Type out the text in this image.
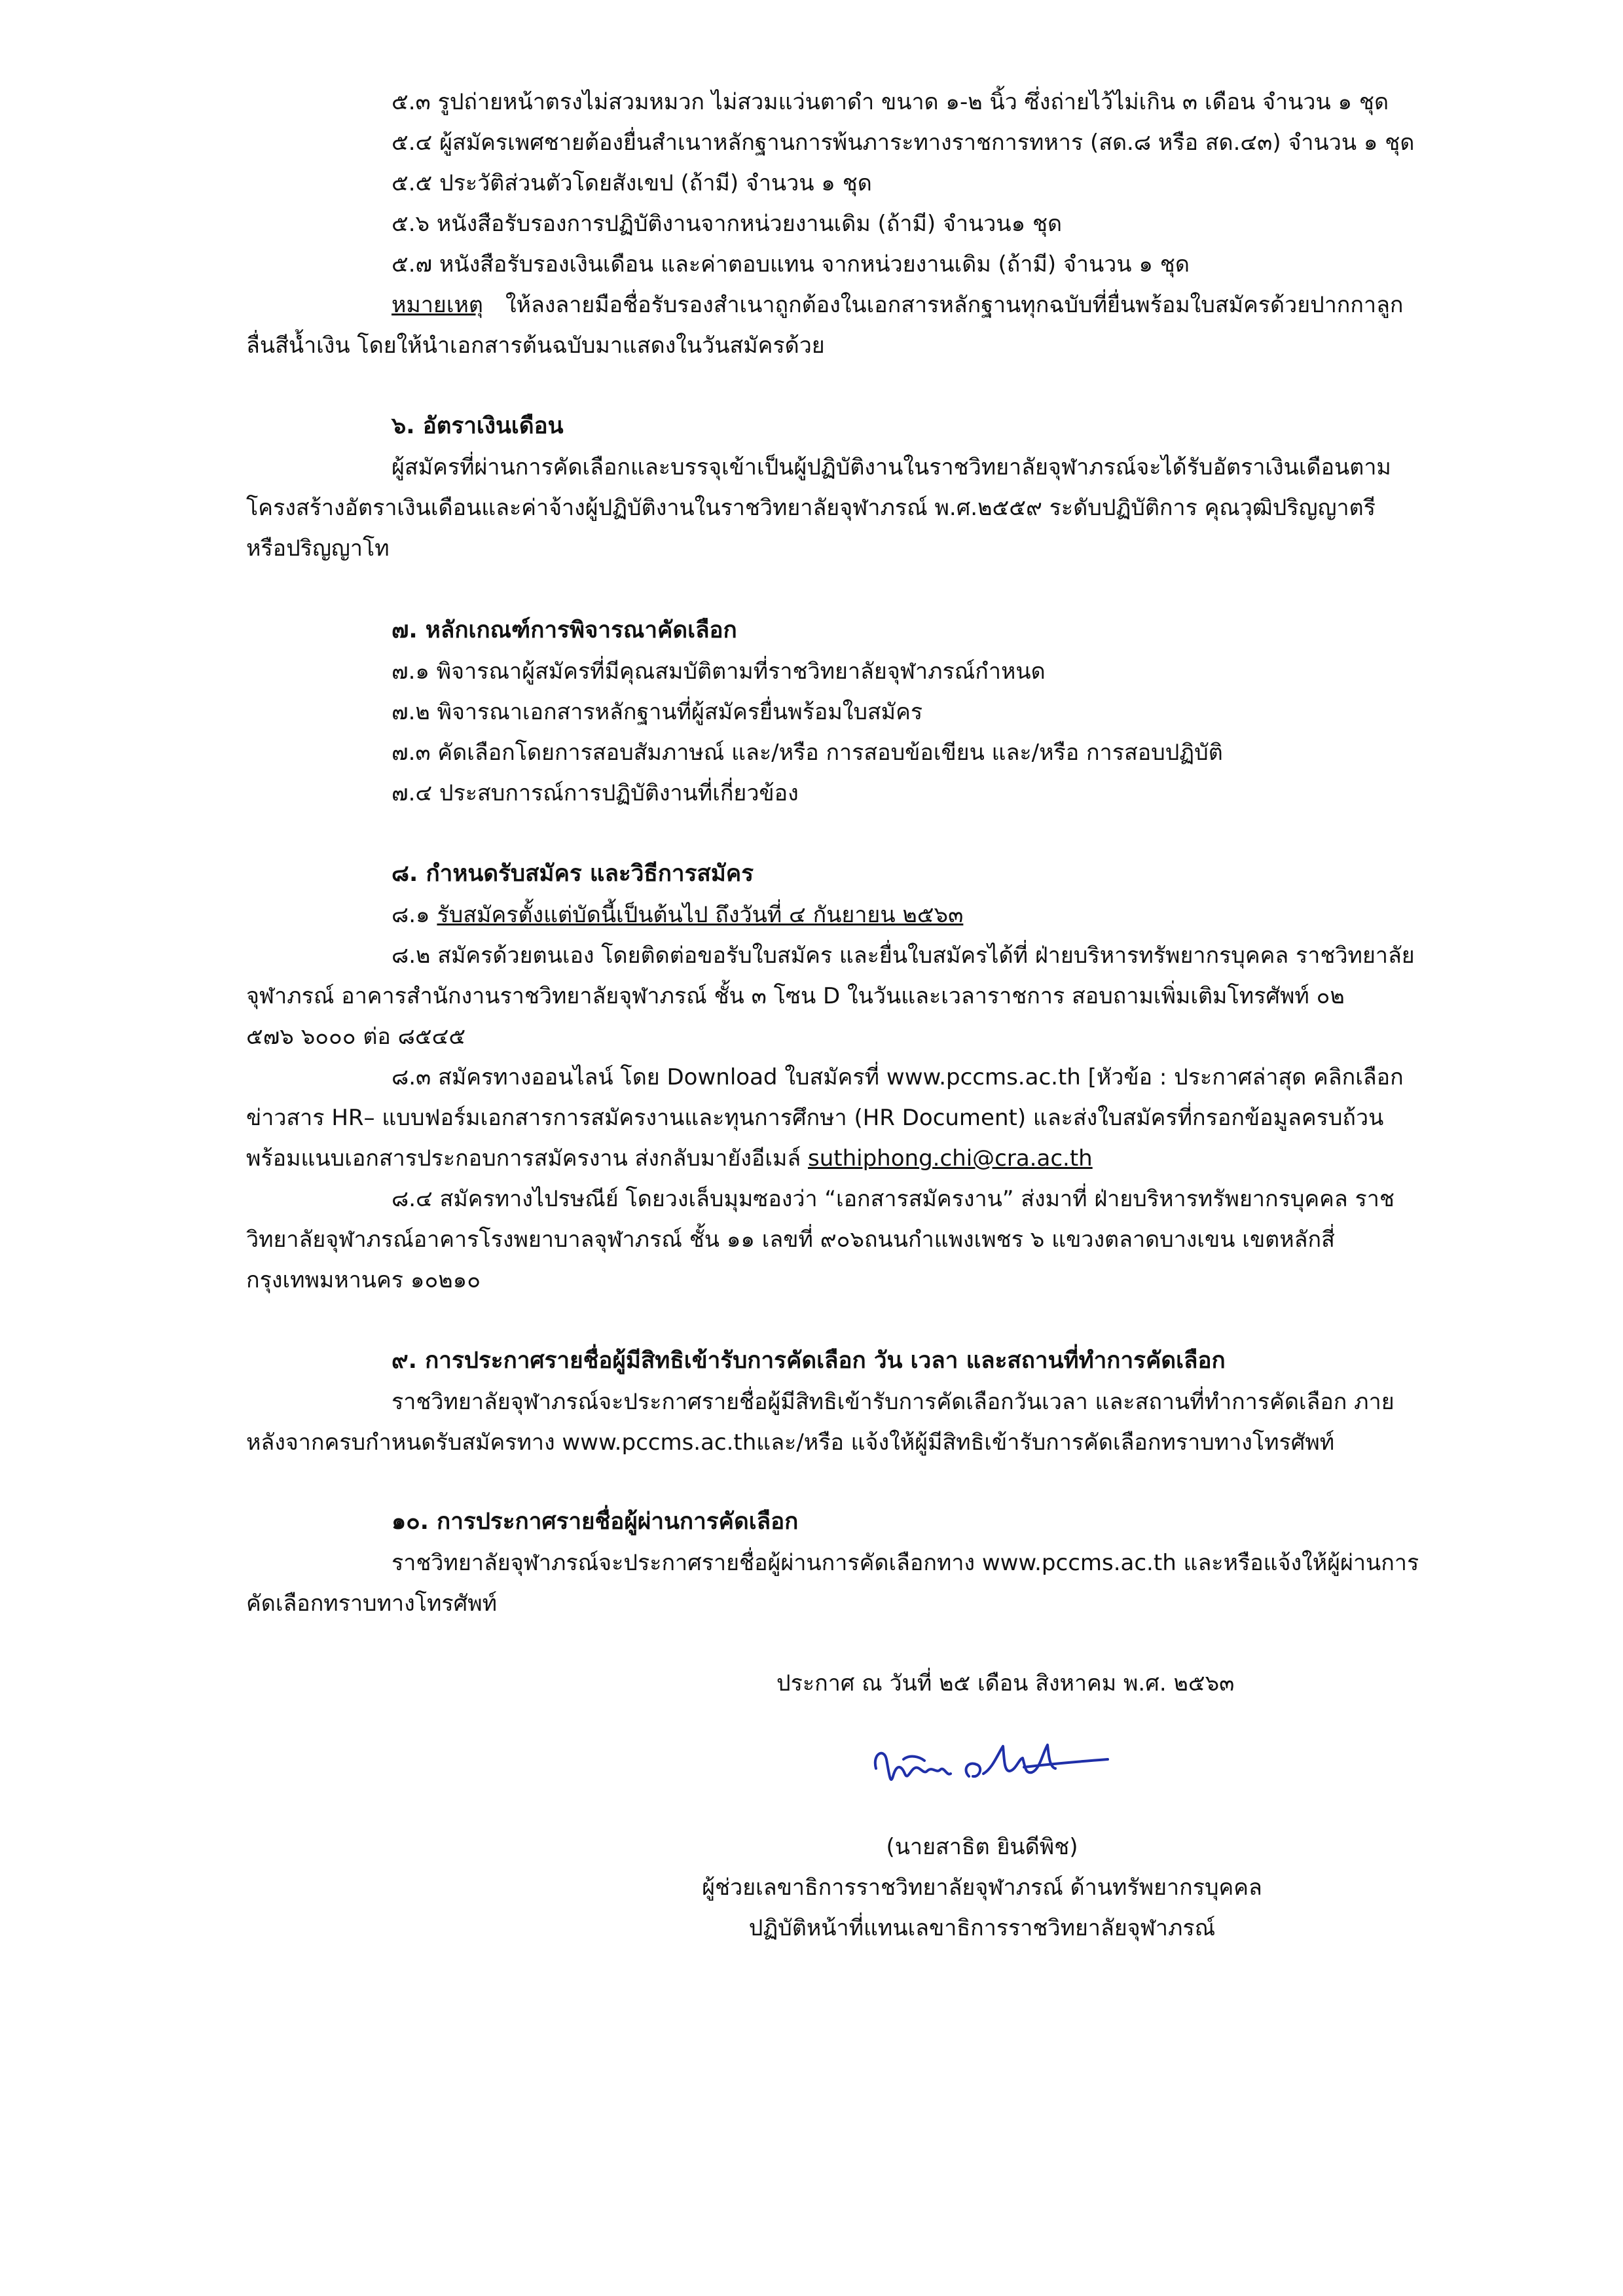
๕.๓ รูปถ่ายหน้าตรงไม่สวมหมวก ไม่สวมแว่นตาดำ ขนาด ๑-๒ นิ้ว ซึ่งถ่ายไว้ไม่เกิน ๓ เดือน จำนวน ๑ ชุด
๕.๔ ผู้สมัครเพศชายต้องยื่นสำเนาหลักฐานการพ้นภาระทางราชการทหาร (สด.๘ หรือ สด.๔๓) จำนวน ๑ ชุด
๕.๕ ประวัติส่วนตัวโดยสังเขป (ถ้ามี) จำนวน ๑ ชุด
๕.๖ หนังสือรับรองการปฏิบัติงานจากหน่วยงานเดิม (ถ้ามี) จำนวน๑ ชุด
๕.๗ หนังสือรับรองเงินเดือน และค่าตอบแทน จากหน่วยงานเดิม (ถ้ามี) จำนวน ๑ ชุด
หมายเหตุ ให้ลงลายมือชื่อรับรองสำเนาถูกต้องในเอกสารหลักฐานทุกฉบับที่ยื่นพร้อมใบสมัครด้วยปากกาลูก
ลื่นสีน้ำเงิน โดยให้นำเอกสารต้นฉบับมาแสดงในวันสมัครด้วย
๖. อัตราเงินเดือน
ผู้สมัครที่ผ่านการคัดเลือกและบรรจุเข้าเป็นผู้ปฏิบัติงานในราชวิทยาลัยจุฬาภรณ์จะได้รับอัตราเงินเดือนตาม
โครงสร้างอัตราเงินเดือนและค่าจ้างผู้ปฏิบัติงานในราชวิทยาลัยจุฬาภรณ์ พ.ศ.๒๕๕๙ ระดับปฏิบัติการ คุณวุฒิปริญญาตรี
หรือปริญญาโท
๗. หลักเกณฑ์การพิจารณาคัดเลือก
๗.๑ พิจารณาผู้สมัครที่มีคุณสมบัติตามที่ราชวิทยาลัยจุฬาภรณ์กำหนด
๗.๒ พิจารณาเอกสารหลักฐานที่ผู้สมัครยื่นพร้อมใบสมัคร
๗.๓ คัดเลือกโดยการสอบสัมภาษณ์ และ/หรือ การสอบข้อเขียน และ/หรือ การสอบปฏิบัติ
๗.๔ ประสบการณ์การปฏิบัติงานที่เกี่ยวข้อง
๘. กำหนดรับสมัคร และวิธีการสมัคร
๘.๑ รับสมัครตั้งแต่บัดนี้เป็นต้นไป ถึงวันที่ ๔ กันยายน ๒๕๖๓
๘.๒ สมัครด้วยตนเอง โดยติดต่อขอรับใบสมัคร และยื่นใบสมัครได้ที่ ฝ่ายบริหารทรัพยากรบุคคล ราชวิทยาลัย
จุฬาภรณ์ อาคารสำนักงานราชวิทยาลัยจุฬาภรณ์ ชั้น ๓ โซน D ในวันและเวลาราชการ สอบถามเพิ่มเติมโทรศัพท์ ๐๒
๕๗๖ ๖๐๐๐ ต่อ ๘๕๔๕
๘.๓ สมัครทางออนไลน์ โดย Download ใบสมัครที่ www.pccms.ac.th [หัวข้อ : ประกาศล่าสุด คลิกเลือก
ข่าวสาร HR– แบบฟอร์มเอกสารการสมัครงานและทุนการศึกษา (HR Document) และส่งใบสมัครที่กรอกข้อมูลครบถ้วน
พร้อมแนบเอกสารประกอบการสมัครงาน ส่งกลับมายังอีเมล์ suthiphong.chi@cra.ac.th
๘.๔ สมัครทางไปรษณีย์ โดยวงเล็บมุมซองว่า “เอกสารสมัครงาน” ส่งมาที่ ฝ่ายบริหารทรัพยากรบุคคล ราช
วิทยาลัยจุฬาภรณ์อาคารโรงพยาบาลจุฬาภรณ์ ชั้น ๑๑ เลขที่ ๙๐๖ถนนกำแพงเพชร ๖ แขวงตลาดบางเขน เขตหลักสี่
กรุงเทพมหานคร ๑๐๒๑๐
๙. การประกาศรายชื่อผู้มีสิทธิเข้ารับการคัดเลือก วัน เวลา และสถานที่ทำการคัดเลือก
ราชวิทยาลัยจุฬาภรณ์จะประกาศรายชื่อผู้มีสิทธิเข้ารับการคัดเลือกวันเวลา และสถานที่ทำการคัดเลือก ภาย
หลังจากครบกำหนดรับสมัครทาง www.pccms.ac.thและ/หรือ แจ้งให้ผู้มีสิทธิเข้ารับการคัดเลือกทราบทางโทรศัพท์
๑๐. การประกาศรายชื่อผู้ผ่านการคัดเลือก
ราชวิทยาลัยจุฬาภรณ์จะประกาศรายชื่อผู้ผ่านการคัดเลือกทาง www.pccms.ac.th และหรือแจ้งให้ผู้ผ่านการ
คัดเลือกทราบทางโทรศัพท์
ประกาศ ณ วันที่ ๒๕ เดือน สิงหาคม พ.ศ. ๒๕๖๓
(นายสาธิต ยินดีพิช)
ผู้ช่วยเลขาธิการราชวิทยาลัยจุฬาภรณ์ ด้านทรัพยากรบุคคล
ปฏิบัติหน้าที่แทนเลขาธิการราชวิทยาลัยจุฬาภรณ์
